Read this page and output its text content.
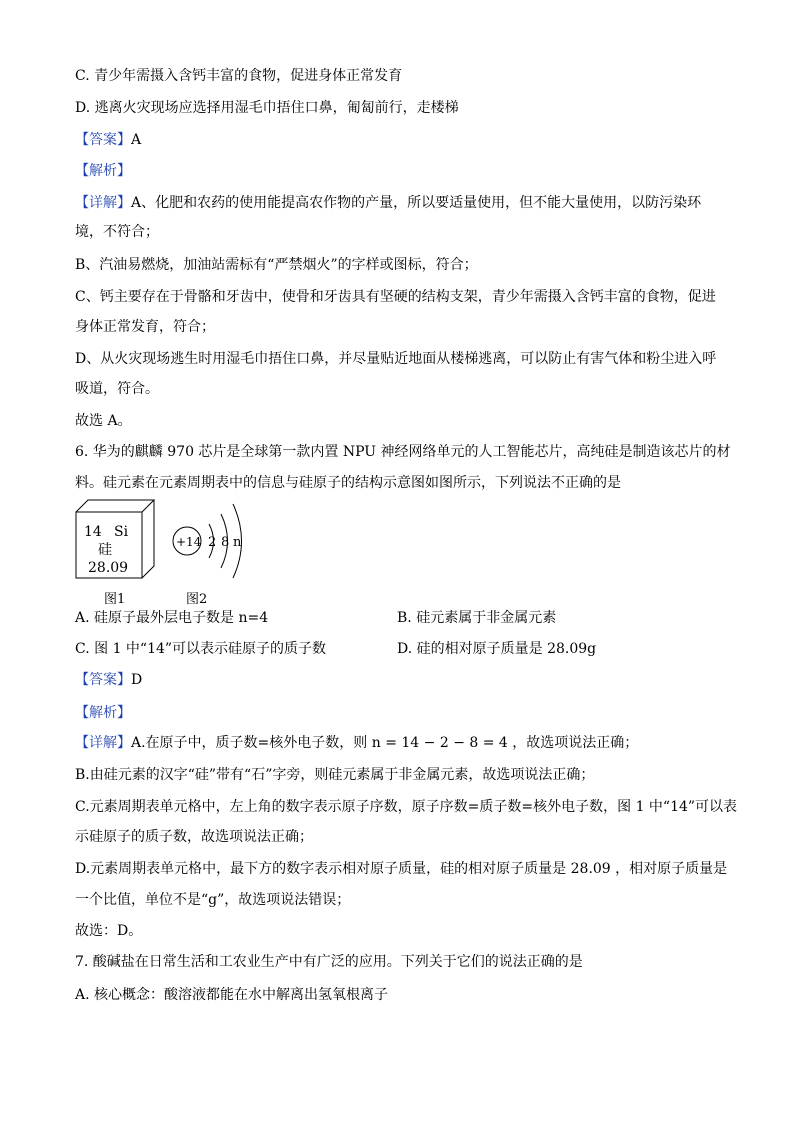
C. 青少年需摄入含钙丰富的食物，促进身体正常发育
D. 逃离火灾现场应选择用湿毛巾捂住口鼻，匍匐前行，走楼梯
【答案】A
【解析】
【详解】A、化肥和农药的使用能提高农作物的产量，所以要适量使用，但不能大量使用，以防污染环
境，不符合；
B、汽油易燃烧，加油站需标有“严禁烟火”的字样或图标，符合；
C、钙主要存在于骨骼和牙齿中，使骨和牙齿具有坚硬的结构支架，青少年需摄入含钙丰富的食物，促进
身体正常发育，符合；
D、从火灾现场逃生时用湿毛巾捂住口鼻，并尽量贴近地面从楼梯逃离，可以防止有害气体和粉尘进入呼
吸道，符合。
故选 A。
6. 华为的麒麟 970 芯片是全球第一款内置 NPU 神经网络单元的人工智能芯片，高纯硅是制造该芯片的材
料。硅元素在元素周期表中的信息与硅原子的结构示意图如图所示，下列说法不正确的是
【答案】D
【解析】
【详解】A.在原子中，质子数=核外电子数，则 n = 14 − 2 − 8 = 4 ，故选项说法正确；
B.由硅元素的汉字“硅”带有“石”字旁，则硅元素属于非金属元素，故选项说法正确；
C.元素周期表单元格中，左上角的数字表示原子序数，原子序数=质子数=核外电子数，图 1 中“14”可以表
示硅原子的质子数，故选项说法正确；
D.元素周期表单元格中，最下方的数字表示相对原子质量，硅的相对原子质量是 28.09 ，相对原子质量是
一个比值，单位不是“g”，故选项说法错误；
故选：D。
7. 酸碱盐在日常生活和工农业生产中有广泛的应用。下列关于它们的说法正确的是
A. 核心概念：酸溶液都能在水中解离出氢氧根离子
A. 硅原子最外层电子数是 n=4	B. 硅元素属于非金属元素
C. 图 1 中“14”可以表示硅原子的质子数	D. 硅的相对原子质量是 28.09g
14 Si
硅
28.09
+14 2 8 n
图1	图2
